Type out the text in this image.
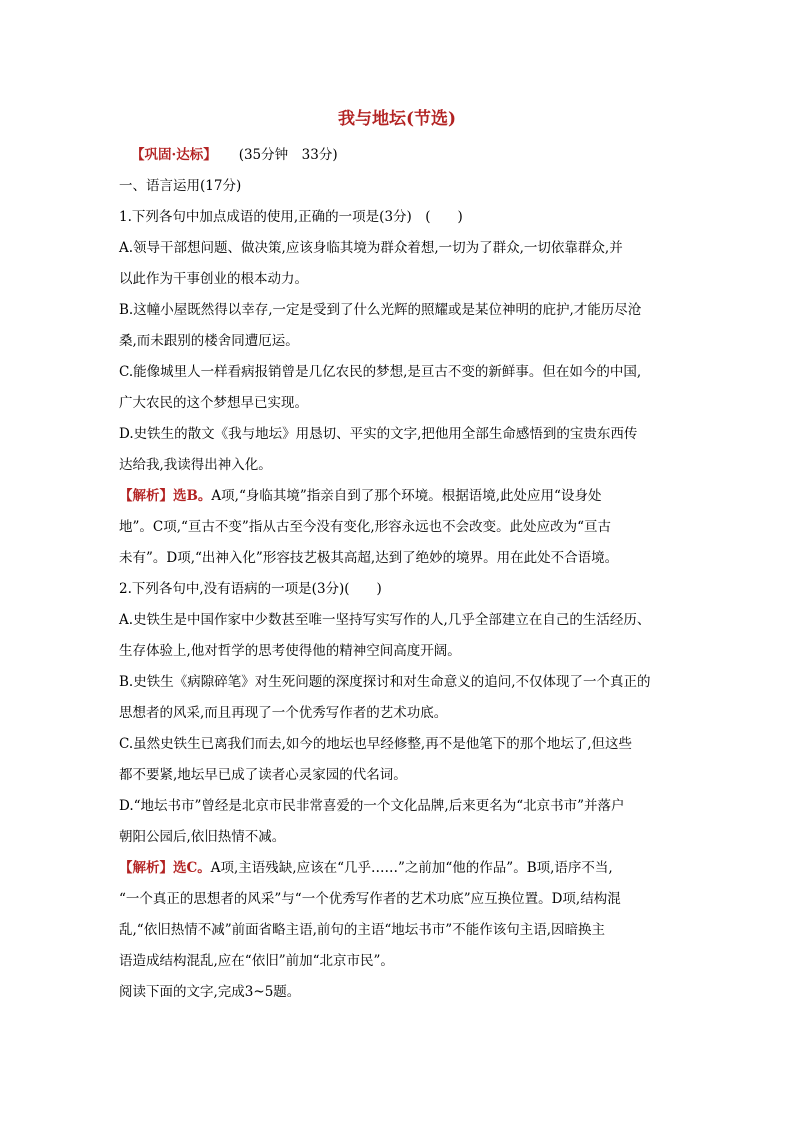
我与地坛(节选)
【巩固·达标】 (35分钟　33分)
一、语言运用(17分)
1.下列各句中加点成语的使用,正确的一项是(3分)　(　　)
A.领导干部想问题、做决策,应该身临其境为群众着想,一切为了群众,一切依靠群众,并
以此作为干事创业的根本动力。
B.这幢小屋既然得以幸存,一定是受到了什么光辉的照耀或是某位神明的庇护,才能历尽沧
桑,而未跟别的楼舍同遭厄运。
C.能像城里人一样看病报销曾是几亿农民的梦想,是亘古不变的新鲜事。但在如今的中国,
广大农民的这个梦想早已实现。
D.史铁生的散文《我与地坛》用恳切、平实的文字,把他用全部生命感悟到的宝贵东西传
达给我,我读得出神入化。
【解析】选B。A项,“身临其境”指亲自到了那个环境。根据语境,此处应用“设身处
地”。C项,“亘古不变”指从古至今没有变化,形容永远也不会改变。此处应改为“亘古
未有”。D项,“出神入化”形容技艺极其高超,达到了绝妙的境界。用在此处不合语境。
2.下列各句中,没有语病的一项是(3分)(　　)
A.史铁生是中国作家中少数甚至唯一坚持写实写作的人,几乎全部建立在自己的生活经历、
生存体验上,他对哲学的思考使得他的精神空间高度开阔。
B.史铁生《病隙碎笔》对生死问题的深度探讨和对生命意义的追问,不仅体现了一个真正的
思想者的风采,而且再现了一个优秀写作者的艺术功底。
C.虽然史铁生已离我们而去,如今的地坛也早经修整,再不是他笔下的那个地坛了,但这些
都不要紧,地坛早已成了读者心灵家园的代名词。
D.“地坛书市”曾经是北京市民非常喜爱的一个文化品牌,后来更名为“北京书市”并落户
朝阳公园后,依旧热情不减。
【解析】选C。A项,主语残缺,应该在“几乎……”之前加“他的作品”。B项,语序不当,
“一个真正的思想者的风采”与“一个优秀写作者的艺术功底”应互换位置。D项,结构混
乱,“依旧热情不减”前面省略主语,前句的主语“地坛书市”不能作该句主语,因暗换主
语造成结构混乱,应在“依旧”前加“北京市民”。
阅读下面的文字,完成3~5题。
